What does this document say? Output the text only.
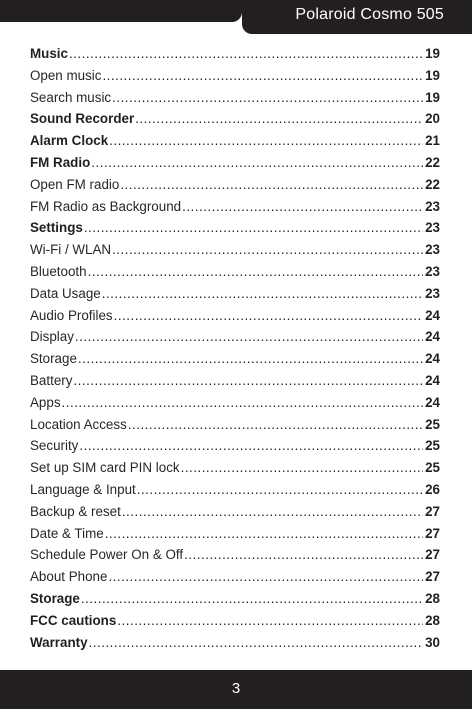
Polaroid Cosmo 505
Music .....	19
Open music .....	19
Search music .....	19
Sound Recorder .....	20
Alarm Clock .....	21
FM Radio .....	22
Open FM radio .....	22
FM Radio as Background .....	23
Settings .....	23
Wi-Fi / WLAN .....	23
Bluetooth .....	23
Data Usage .....	23
Audio Profiles .....	24
Display .....	24
Storage .....	24
Battery .....	24
Apps .....	24
Location Access .....	25
Security .....	25
Set up SIM card PIN lock .....	25
Language & Input .....	26
Backup & reset .....	27
Date & Time .....	27
Schedule Power On & Off .....	27
About Phone .....	27
Storage .....	28
FCC cautions .....	28
Warranty .....	30
3
